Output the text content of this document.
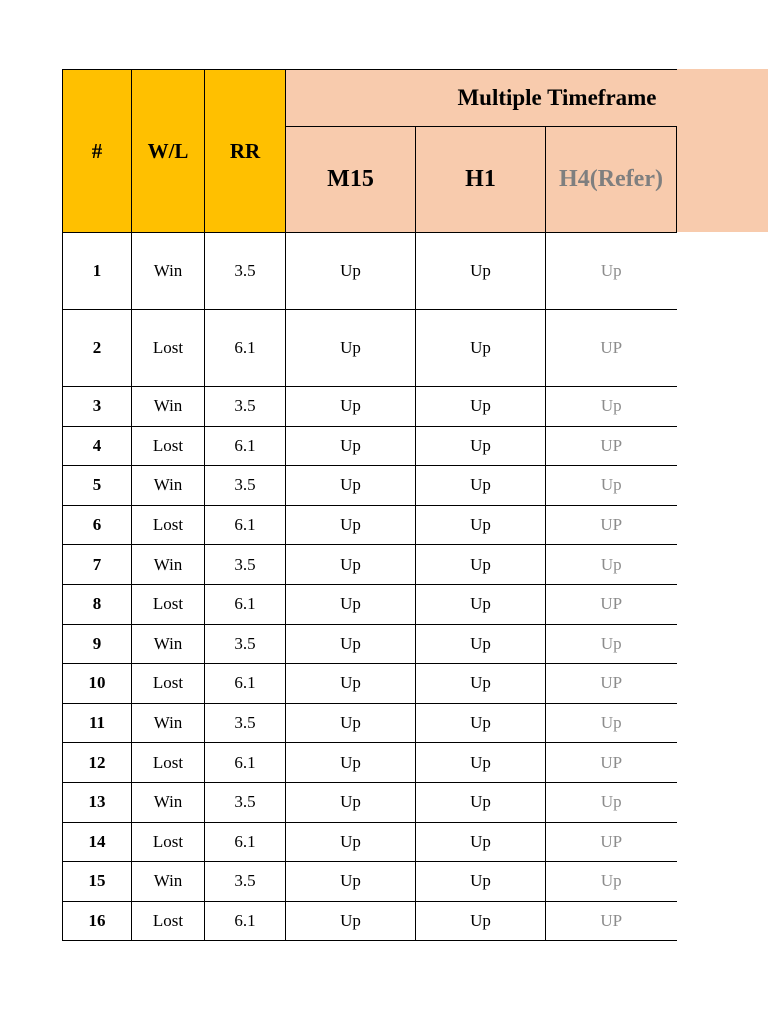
#	W/L	RR	Multiple Timeframe		
			M15	H1	H4(Refer)
1	Win	3.5	Up	Up	Up
2	Lost	6.1	Up	Up	UP
3	Win	3.5	Up	Up	Up
4	Lost	6.1	Up	Up	UP
5	Win	3.5	Up	Up	Up
6	Lost	6.1	Up	Up	UP
7	Win	3.5	Up	Up	Up
8	Lost	6.1	Up	Up	UP
9	Win	3.5	Up	Up	Up
10	Lost	6.1	Up	Up	UP
11	Win	3.5	Up	Up	Up
12	Lost	6.1	Up	Up	UP
13	Win	3.5	Up	Up	Up
14	Lost	6.1	Up	Up	UP
15	Win	3.5	Up	Up	Up
16	Lost	6.1	Up	Up	UP
